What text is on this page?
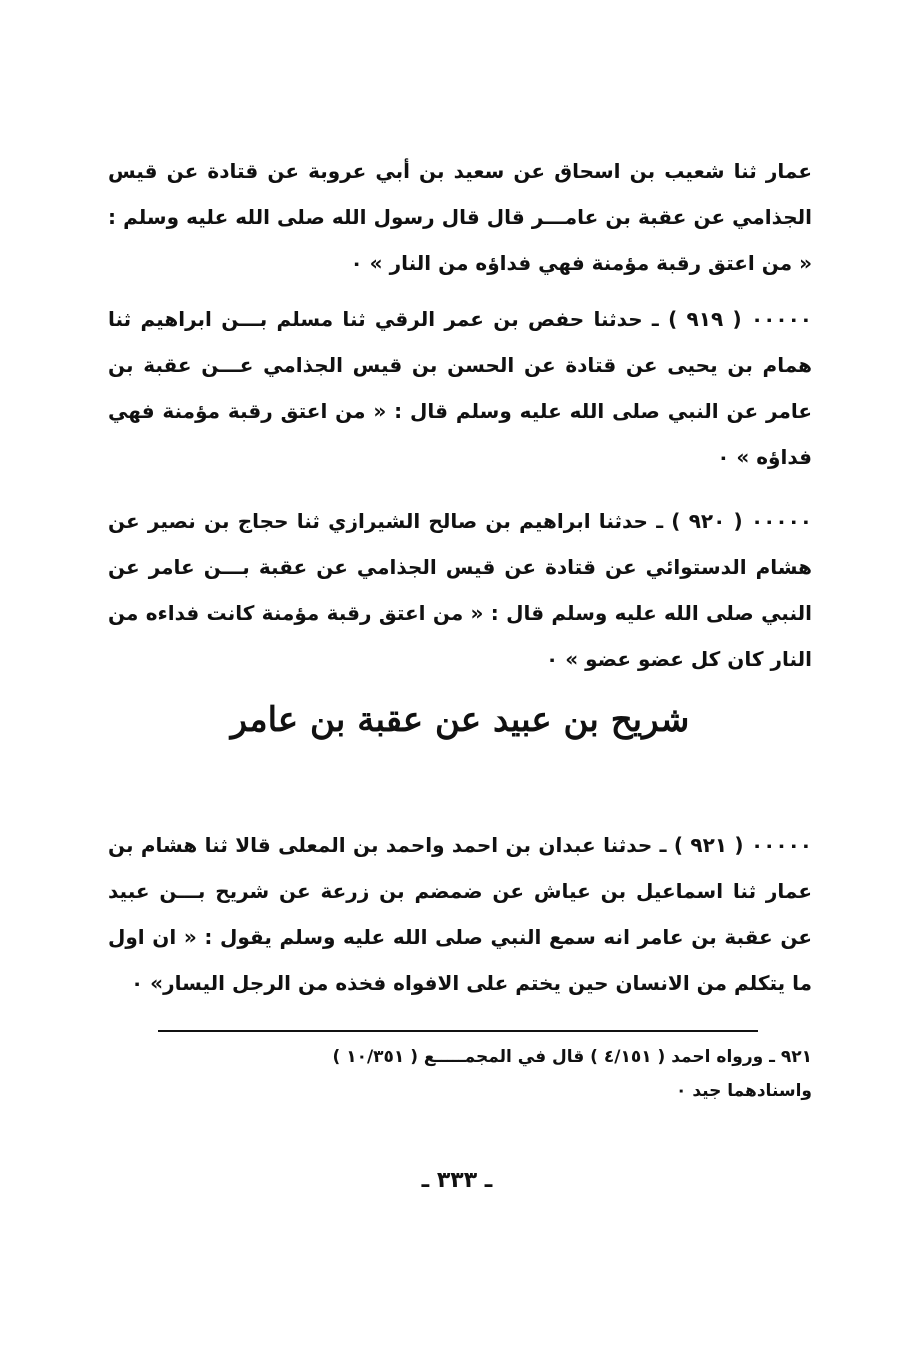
عمار ثنا شعيب بن اسحاق عن سعيد بن أبي عروبة عن قتادة عن قيس الجذامي عن عقبة بن عامـــر قال قال رسول الله صلى الله عليه وسلم : « من اعتق رقبة مؤمنة فهي فداؤه من النار » ٠

٠٠٠٠٠ ( ٩١٩ ) ـ حدثنا حفص بن عمر الرقي ثنا مسلم بـــن ابراهيم ثنا همام بن يحيى عن قتادة عن الحسن بن قيس الجذامي عـــن عقبة بن عامر عن النبي صلى الله عليه وسلم قال : « من اعتق رقبة مؤمنة فهي فداؤه » ٠

٠٠٠٠٠ ( ٩٢٠ ) ـ حدثنا ابراهيم بن صالح الشيرازي ثنا حجاج بن نصير عن هشام الدستوائي عن قتادة عن قيس الجذامي عن عقبة بـــن عامر عن النبي صلى الله عليه وسلم قال : « من اعتق رقبة مؤمنة كانت فداءه من النار كان كل عضو عضو » ٠

شريح بن عبيد عن عقبة بن عامر

٠٠٠٠٠ ( ٩٢١ ) ـ حدثنا عبدان بن احمد واحمد بن المعلى قالا ثنا هشام بن عمار ثنا اسماعيل بن عياش عن ضمضم بن زرعة عن شريح بـــن عبيد عن عقبة بن عامر انه سمع النبي صلى الله عليه وسلم يقول : « ان اول ما يتكلم من الانسان حين يختم على الافواه فخذه من الرجل اليسار» ٠

٩٢١ ـ ورواه احمد ( ٤/١٥١ ) قال في المجمـــــع ( ١٠/٣٥١ )
واسنادهما جيد ٠

ـ ٣٣٣ ـ
